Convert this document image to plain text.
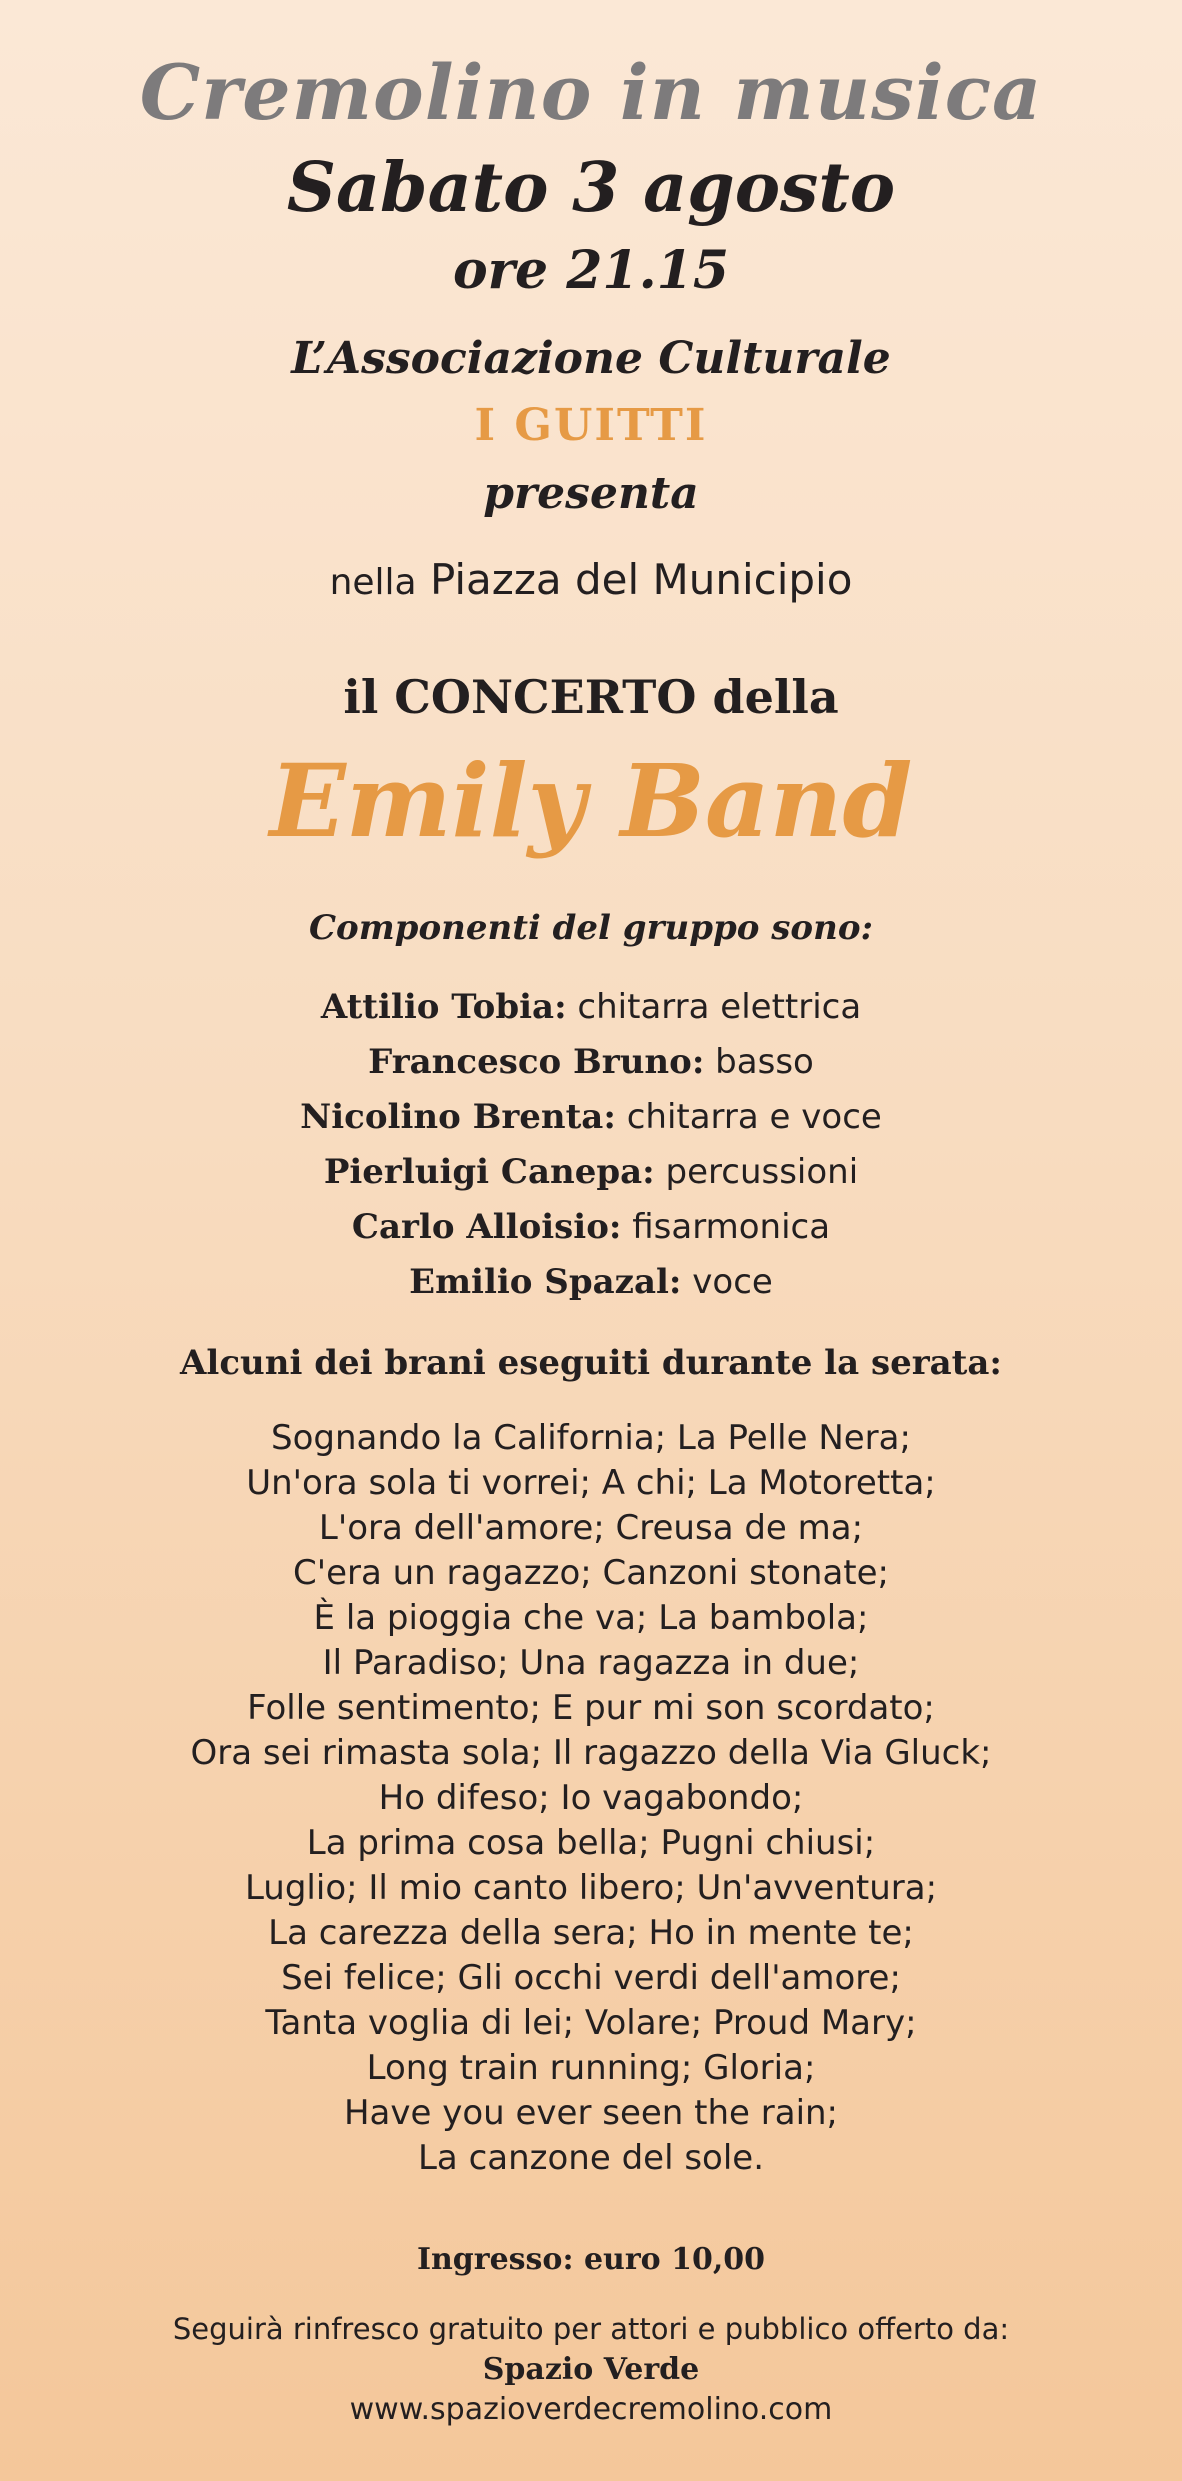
Cremolino in musica
Sabato 3 agosto
ore 21.15
L’Associazione Culturale
I GUITTI
presenta
nella Piazza del Municipio
il CONCERTO della
Emily Band
Componenti del gruppo sono:
Attilio Tobia: chitarra elettrica
Francesco Bruno: basso
Nicolino Brenta: chitarra e voce
Pierluigi Canepa: percussioni
Carlo Alloisio: fisarmonica
Emilio Spazal: voce
Alcuni dei brani eseguiti durante la serata:
Sognando la California; La Pelle Nera;
Un'ora sola ti vorrei; A chi; La Motoretta;
L'ora dell'amore; Creusa de ma;
C'era un ragazzo; Canzoni stonate;
È la pioggia che va; La bambola;
Il Paradiso; Una ragazza in due;
Folle sentimento; E pur mi son scordato;
Ora sei rimasta sola; Il ragazzo della Via Gluck;
Ho difeso; Io vagabondo;
La prima cosa bella; Pugni chiusi;
Luglio; Il mio canto libero; Un'avventura;
La carezza della sera; Ho in mente te;
Sei felice; Gli occhi verdi dell'amore;
Tanta voglia di lei; Volare; Proud Mary;
Long train running; Gloria;
Have you ever seen the rain;
La canzone del sole.
Ingresso: euro 10,00
Seguirà rinfresco gratuito per attori e pubblico offerto da:
Spazio Verde
www.spazioverdecremolino.com
